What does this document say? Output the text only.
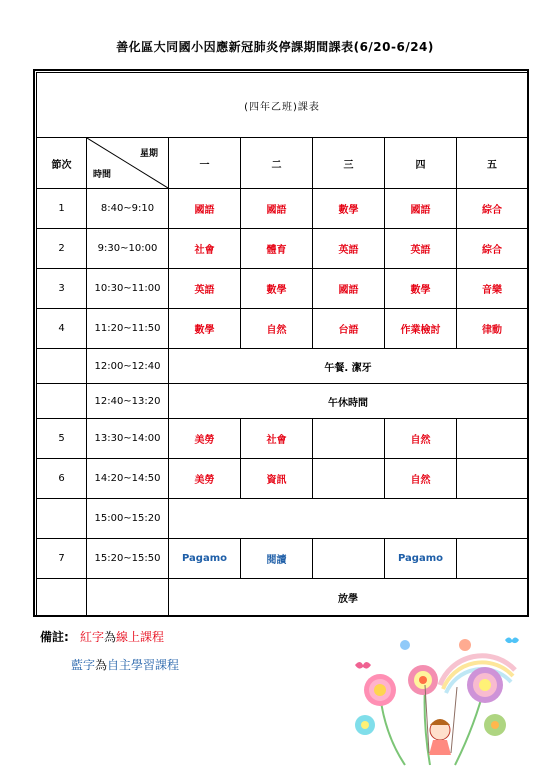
善化區大同國小因應新冠肺炎停課期間課表(6/20-6/24)
(四年乙班)課表						
節次	星期
時間	一	二	三	四	五
1	8:40~9:10	國語	國語	數學	國語	綜合
2	9:30~10:00	社會	體育	英語	英語	綜合
3	10:30~11:00	英語	數學	國語	數學	音樂
4	11:20~11:50	數學	自然	台語	作業檢討	律動
	12:00~12:40	午餐. 潔牙				
	12:40~13:20	午休時間				
5	13:30~14:00	美勞	社會		自然	
6	14:20~14:50	美勞	資訊		自然	
	15:00~15:20					
7	15:20~15:50	Pagamo	閱讀		Pagamo	
		放學				
備註: 紅字為線上課程
藍字為自主學習課程
